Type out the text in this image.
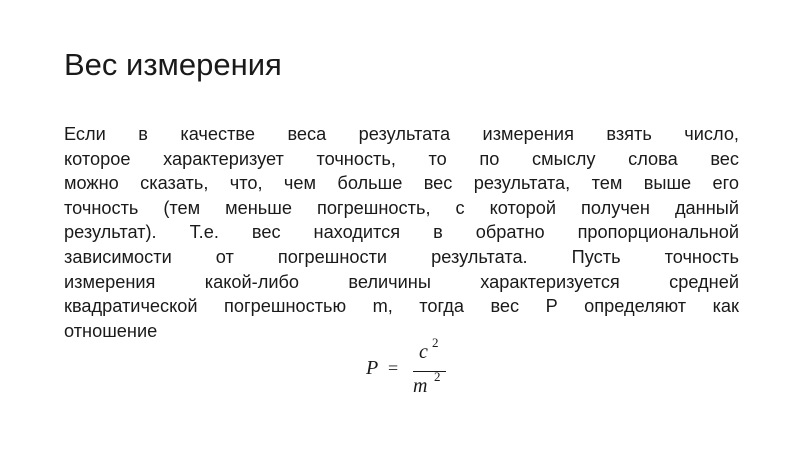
Вес измерения
Если в качестве веса результата измерения взять число,
которое характеризует точность, то по смыслу слова вес
можно сказать, что, чем больше вес результата, тем выше его
точность (тем меньше погрешность, с которой получен данный
результат). Т.е. вес находится в обратно пропорциональной
зависимости от погрешности результата. Пусть точность
измерения какой-либо величины характеризуется средней
квадратической погрешностью m, тогда вес Р определяют как
отношение
P =
c 2
m 2
